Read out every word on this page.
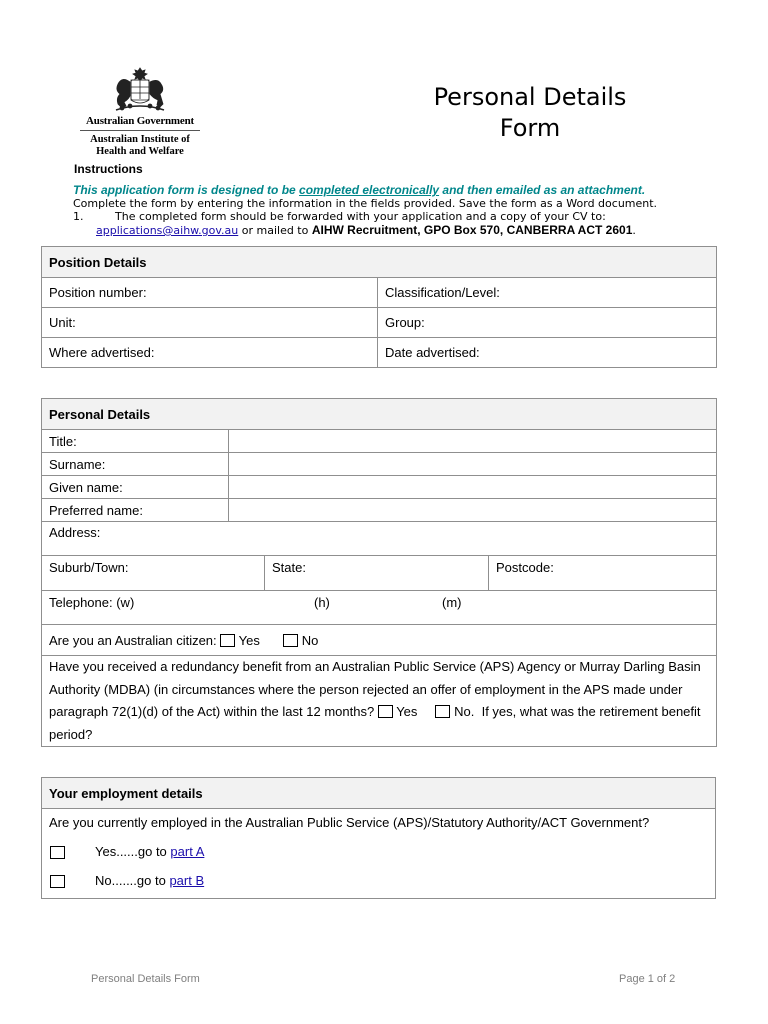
Australian Government
Australian Institute of
Health and Welfare
Personal Details
Form
Instructions
This application form is designed to be completed electronically and then emailed as an attachment.
Complete the form by entering the information in the fields provided. Save the form as a Word document.
1.	The completed form should be forwarded with your application and a copy of your CV to:
applications@aihw.gov.au or mailed to AIHW Recruitment, GPO Box 570, CANBERRA ACT 2601.
Position Details	
Position number:	Classification/Level:
Unit:	Group:
Where advertised:	Date advertised:
Personal Details			
Title:			
Surname:			
Given name:			
Preferred name:			
Address:			
Suburb/Town:		State:	Postcode:
Telephone: (w) (h) (m)			

Are you an Australian citizen: Yes No			
Have you received a redundancy benefit from an Australian Public Service (APS) Agency or Murray Darling Basin Authority (MDBA) (in circumstances where the person rejected an offer of employment in the APS made under paragraph 72(1)(d) of the Act) within the last 12 months? Yes No. If yes, what was the retirement benefit period?			
Your employment details

Are you currently employed in the Australian Public Service (APS)/Statutory Authority/ACT Government?
Yes......go to part A
No.......go to part B
Personal Details Form	Page 1 of 2
